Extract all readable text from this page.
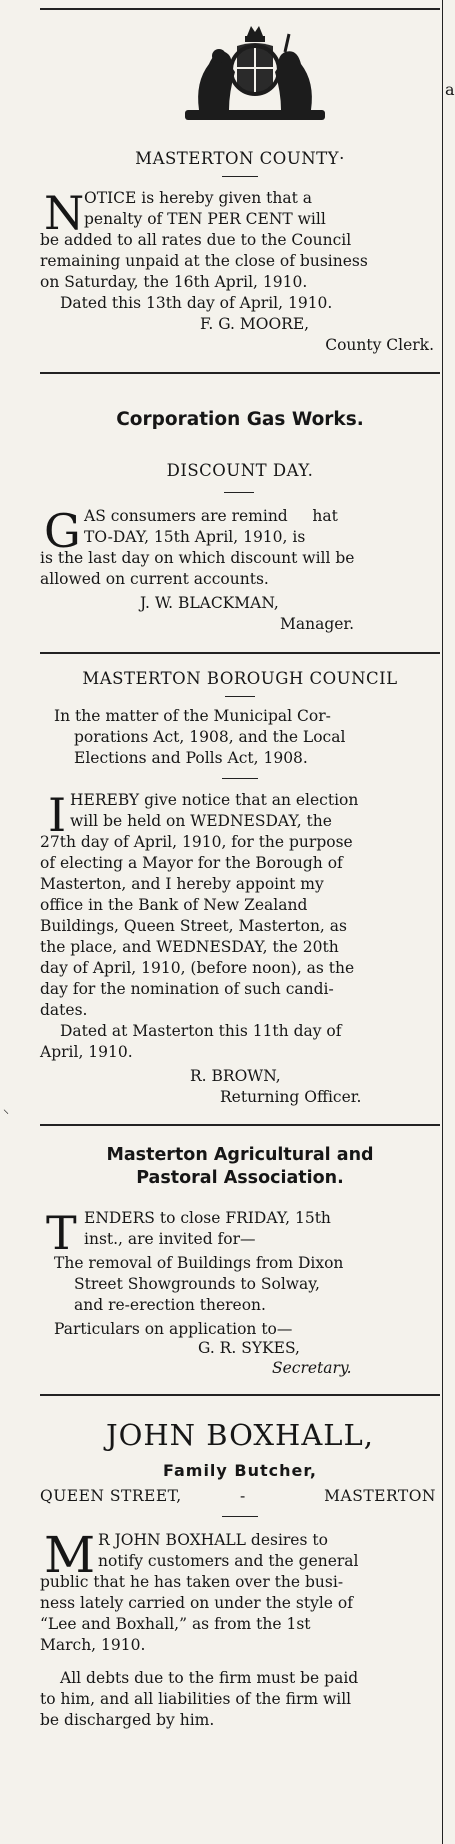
a
⸜
MASTERTON COUNTY·
N OTICE is hereby given that a
penalty of TEN PER CENT will
be added to all rates due to the Council
remaining unpaid at the close of business
on Saturday, the 16th April, 1910.
Dated this 13th day of April, 1910.
F. G. MOORE,
County Clerk.
Corporation Gas Works.
DISCOUNT DAY.
G AS consumers are remind     hat
TO-DAY, 15th April, 1910, is
is the last day on which discount will be
allowed on current accounts.
J. W. BLACKMAN,
Manager.
MASTERTON BOROUGH COUNCIL
In the matter of the Municipal Cor-
porations Act, 1908, and the Local
Elections and Polls Act, 1908.
I HEREBY give notice that an election
will be held on WEDNESDAY, the
27th day of April, 1910, for the purpose
of electing a Mayor for the Borough of
Masterton, and I hereby appoint my
office in the Bank of New Zealand
Buildings, Queen Street, Masterton, as
the place, and WEDNESDAY, the 20th
day of April, 1910, (before noon), as the
day for the nomination of such candi-
dates.
Dated at Masterton this 11th day of
April, 1910.
R. BROWN,
Returning Officer.
Masterton Agricultural and
Pastoral Association.
T ENDERS to close FRIDAY, 15th
inst., are invited for—
The removal of Buildings from Dixon
Street Showgrounds to Solway,
and re-erection thereon.
Particulars on application to—
G. R. SYKES,
Secretary.
JOHN BOXHALL,
Family Butcher,
QUEEN STREET,	-	MASTERTON
M R JOHN BOXHALL desires to
notify customers and the general
public that he has taken over the busi-
ness lately carried on under the style of
“Lee and Boxhall,” as from the 1st
March, 1910.
All debts due to the firm must be paid
to him, and all liabilities of the firm will
be discharged by him.
